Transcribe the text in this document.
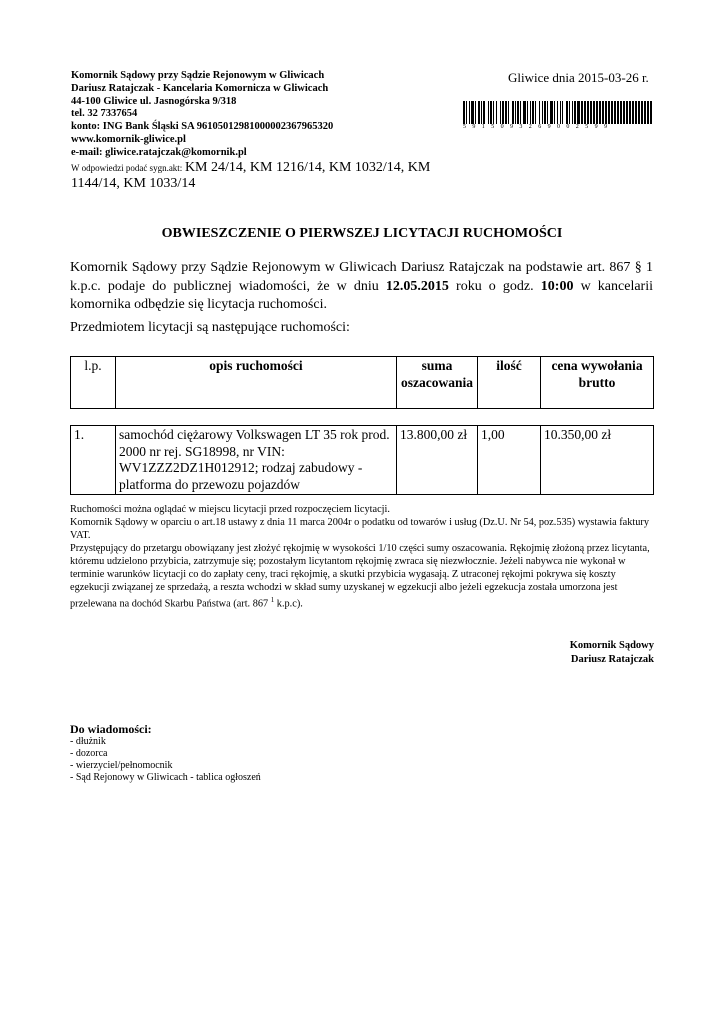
Komornik Sądowy przy Sądzie Rejonowym w Gliwicach
Dariusz Ratajczak - Kancelaria Komornicza w Gliwicach
44-100 Gliwice ul. Jasnogórska 9/318
tel. 32 7337654
konto: ING Bank Śląski SA 96105012981000002367965320
www.komornik-gliwice.pl
e-mail: gliwice.ratajczak@komornik.pl
W odpowiedzi podać sygn.akt: KM 24/14, KM 1216/14, KM 1032/14, KM
1144/14, KM 1033/14
Gliwice dnia 2015-03-26 r.
5915093269002599
OBWIESZCZENIE O PIERWSZEJ LICYTACJI RUCHOMOŚCI
Komornik Sądowy przy Sądzie Rejonowym w Gliwicach Dariusz Ratajczak na podstawie art. 867 § 1 k.p.c. podaje do publicznej wiadomości, że w dniu 12.05.2015 roku o godz. 10:00 w kancelarii komornika odbędzie się licytacja ruchomości.
Przedmiotem licytacji są następujące ruchomości:
l.p.	opis ruchomości	suma oszacowania	ilość	cena wywołania brutto
1.	samochód ciężarowy Volkswagen LT 35 rok prod. 2000 nr rej. SG18998, nr VIN: WV1ZZZ2DZ1H012912; rodzaj zabudowy - platforma do przewozu pojazdów	13.800,00 zł	1,00	10.350,00 zł

Ruchomości można oglądać w miejscu licytacji przed rozpoczęciem licytacji.

Komornik Sądowy w oparciu o art.18 ustawy z dnia 11 marca 2004r o podatku od towarów i usług (Dz.U. Nr 54, poz.535) wystawia faktury VAT.

Przystępujący do przetargu obowiązany jest złożyć rękojmię w wysokości 1/10 części sumy oszacowania. Rękojmię złożoną przez licytanta, któremu udzielono przybicia, zatrzymuje się; pozostałym licytantom rękojmię zwraca się niezwłocznie. Jeżeli nabywca nie wykonał w terminie warunków licytacji co do zapłaty ceny, traci rękojmię, a skutki przybicia wygasają. Z utraconej rękojmi pokrywa się koszty egzekucji związanej ze sprzedażą, a reszta wchodzi w skład sumy uzyskanej w egzekucji albo jeżeli egzekucja została umorzona jest przelewana na dochód Skarbu Państwa (art. 867 $^1$ k.p.c).

Komornik Sądowy
Dariusz Ratajczak
Do wiadomości:
- dłużnik
- dozorca
- wierzyciel/pełnomocnik
- Sąd Rejonowy w Gliwicach - tablica ogłoszeń
